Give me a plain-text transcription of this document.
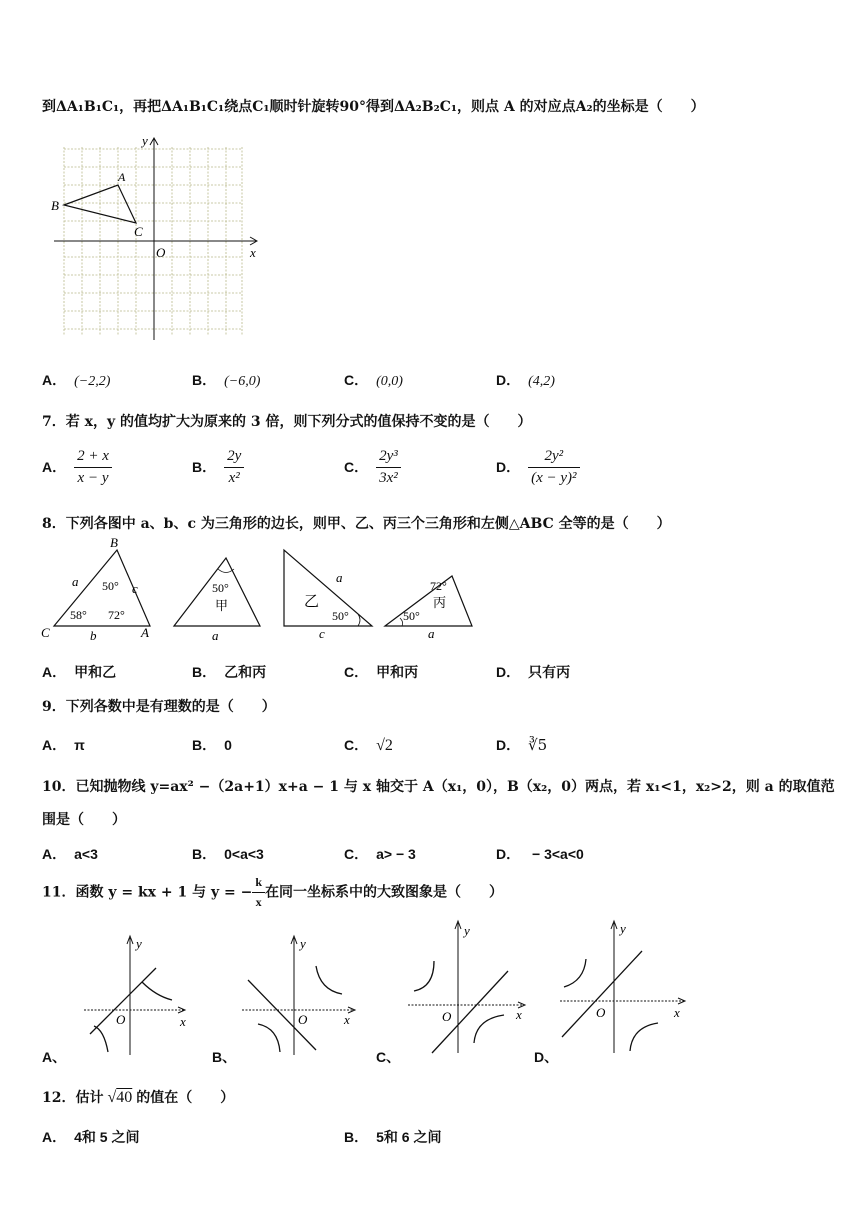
到ΔA₁B₁C₁，再把ΔA₁B₁C₁绕点C₁顺时针旋转90°得到ΔA₂B₂C₁，则点 A 的对应点A₂的坐标是（　　）
y
x
O
A
B
C
A． (−2,2)	B． (−6,0)	C． (0,0)	D． (4,2)
7．若 x，y 的值均扩大为原来的 3 倍，则下列分式的值保持不变的是（　　）
A． $\frac{2 + x}{x - y}$	B． $\frac{2y}{\text{x²}}$	C． $\frac{\text{2y³}}{\text{3x²}}$	D． $\frac{\text{2y²}}{\text{(x − y)²}}$
8．下列各图中 a、b、c 为三角形的边长，则甲、乙、丙三个三角形和左侧△ABC 全等的是（　　）
B
C	A
a	c
b
50°
58° 72°
50°
甲
a
乙
a
50°
c
72°
丙
50°
a
A． 甲和乙	B． 乙和丙	C． 甲和丙	D． 只有丙
9．下列各数中是有理数的是（　　）
A． π	B． 0	C． √2	D． ∛5
10．已知抛物线 y=ax² −（2a+1）x+a − 1 与 x 轴交于 A（x₁，0），B（x₂，0）两点，若 x₁<1，x₂>2，则 a 的取值范
围是（　　）
A． a<3	B． 0<a<3	C． a> − 3	D． − 3<a<0
11．函数 y = kx + 1 与 y = − $\frac{k}{x}$ 在同一坐标系中的大致图象是（　　）
y
x
O
y
x
O
y
x
O
y
x
O
A、	B、	C、	D、
12．估计 √40 的值在（　　）
A． 4和 5 之间	B． 5和 6 之间
